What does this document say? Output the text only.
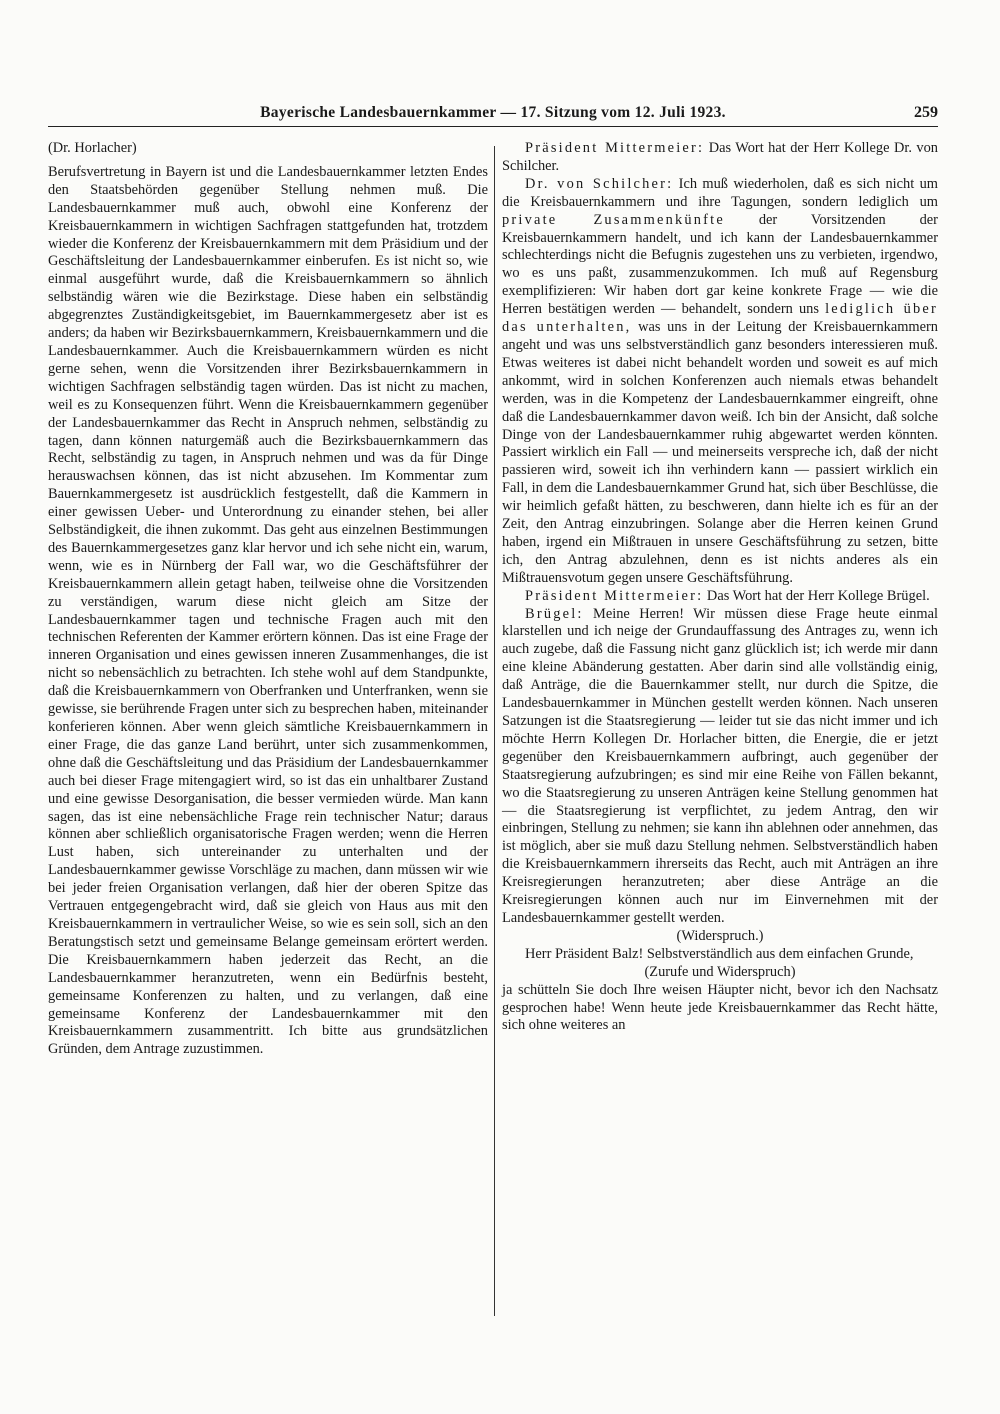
Bayerische Landesbauernkammer — 17. Sitzung vom 12. Juli 1923.	259

(Dr. Horlacher)

Berufsvertretung in Bayern ist und die Landesbauernkammer letzten Endes den Staatsbehörden gegenüber Stellung nehmen muß. Die Landesbauernkammer muß auch, obwohl eine Konferenz der Kreisbauernkammern in wichtigen Sachfragen stattgefunden hat, trotzdem wieder die Konferenz der Kreisbauernkammern mit dem Präsidium und der Geschäftsleitung der Landesbauernkammer einberufen. Es ist nicht so, wie einmal ausgeführt wurde, daß die Kreisbauernkammern so ähnlich selbständig wären wie die Bezirkstage. Diese haben ein selbständig abgegrenztes Zuständigkeitsgebiet, im Bauernkammergesetz aber ist es anders; da haben wir Bezirksbauernkammern, Kreisbauernkammern und die Landesbauernkammer. Auch die Kreisbauernkammern würden es nicht gerne sehen, wenn die Vorsitzenden ihrer Bezirksbauernkammern in wichtigen Sachfragen selbständig tagen würden. Das ist nicht zu machen, weil es zu Konsequenzen führt. Wenn die Kreisbauernkammern gegenüber der Landesbauernkammer das Recht in Anspruch nehmen, selbständig zu tagen, dann können naturgemäß auch die Bezirksbauernkammern das Recht, selbständig zu tagen, in Anspruch nehmen und was da für Dinge herauswachsen können, das ist nicht abzusehen. Im Kommentar zum Bauernkammergesetz ist ausdrücklich festgestellt, daß die Kammern in einer gewissen Ueber- und Unterordnung zu einander stehen, bei aller Selbständigkeit, die ihnen zukommt. Das geht aus einzelnen Bestimmungen des Bauernkammergesetzes ganz klar hervor und ich sehe nicht ein, warum, wenn, wie es in Nürnberg der Fall war, wo die Geschäftsführer der Kreisbauernkammern allein getagt haben, teilweise ohne die Vorsitzenden zu verständigen, warum diese nicht gleich am Sitze der Landesbauernkammer tagen und technische Fragen auch mit den technischen Referenten der Kammer erörtern können. Das ist eine Frage der inneren Organisation und eines gewissen inneren Zusammenhanges, die ist nicht so nebensächlich zu betrachten. Ich stehe wohl auf dem Standpunkte, daß die Kreisbauernkammern von Oberfranken und Unterfranken, wenn sie gewisse, sie berührende Fragen unter sich zu besprechen haben, miteinander konferieren können. Aber wenn gleich sämtliche Kreisbauernkammern in einer Frage, die das ganze Land berührt, unter sich zusammenkommen, ohne daß die Geschäftsleitung und das Präsidium der Landesbauernkammer auch bei dieser Frage mitengagiert wird, so ist das ein unhaltbarer Zustand und eine gewisse Desorganisation, die besser vermieden würde. Man kann sagen, das ist eine nebensächliche Frage rein technischer Natur; daraus können aber schließlich organisatorische Fragen werden; wenn die Herren Lust haben, sich untereinander zu unterhalten und der Landesbauernkammer gewisse Vorschläge zu machen, dann müssen wir wie bei jeder freien Organisation verlangen, daß hier der oberen Spitze das Vertrauen entgegengebracht wird, daß sie gleich von Haus aus mit den Kreisbauernkammern in vertraulicher Weise, so wie es sein soll, sich an den Beratungstisch setzt und gemeinsame Belange gemeinsam erörtert werden. Die Kreisbauernkammern haben jederzeit das Recht, an die Landesbauernkammer heranzutreten, wenn ein Bedürfnis besteht, gemeinsame Konferenzen zu halten, und zu verlangen, daß eine gemeinsame Konferenz der Landesbauernkammer mit den Kreisbauernkammern zusammentritt. Ich bitte aus grundsätzlichen Gründen, dem Antrage zuzustimmen.

Präsident Mittermeier: Das Wort hat der Herr Kollege Dr. von Schilcher.

Dr. von Schilcher: Ich muß wiederholen, daß es sich nicht um die Kreisbauernkammern und ihre Tagungen, sondern lediglich um private Zusammenkünfte der Vorsitzenden der Kreisbauernkammern handelt, und ich kann der Landesbauernkammer schlechterdings nicht die Befugnis zugestehen uns zu verbieten, irgendwo, wo es uns paßt, zusammenzukommen. Ich muß auf Regensburg exemplifizieren: Wir haben dort gar keine konkrete Frage — wie die Herren bestätigen werden — behandelt, sondern uns lediglich über das unterhalten, was uns in der Leitung der Kreisbauernkammern angeht und was uns selbstverständlich ganz besonders interessieren muß. Etwas weiteres ist dabei nicht behandelt worden und soweit es auf mich ankommt, wird in solchen Konferenzen auch niemals etwas behandelt werden, was in die Kompetenz der Landesbauernkammer eingreift, ohne daß die Landesbauernkammer davon weiß. Ich bin der Ansicht, daß solche Dinge von der Landesbauernkammer ruhig abgewartet werden könnten. Passiert wirklich ein Fall — und meinerseits verspreche ich, daß der nicht passieren wird, soweit ich ihn verhindern kann — passiert wirklich ein Fall, in dem die Landesbauernkammer Grund hat, sich über Beschlüsse, die wir heimlich gefaßt hätten, zu beschweren, dann hielte ich es für an der Zeit, den Antrag einzubringen. Solange aber die Herren keinen Grund haben, irgend ein Mißtrauen in unsere Geschäftsführung zu setzen, bitte ich, den Antrag abzulehnen, denn es ist nichts anderes als ein Mißtrauensvotum gegen unsere Geschäftsführung.

Präsident Mittermeier: Das Wort hat der Herr Kollege Brügel.

Brügel: Meine Herren! Wir müssen diese Frage heute einmal klarstellen und ich neige der Grundauffassung des Antrages zu, wenn ich auch zugebe, daß die Fassung nicht ganz glücklich ist; ich werde mir dann eine kleine Abänderung gestatten. Aber darin sind alle vollständig einig, daß Anträge, die die Bauernkammer stellt, nur durch die Spitze, die Landesbauernkammer in München gestellt werden können. Nach unseren Satzungen ist die Staatsregierung — leider tut sie das nicht immer und ich möchte Herrn Kollegen Dr. Horlacher bitten, die Energie, die er jetzt gegenüber den Kreisbauernkammern aufbringt, auch gegenüber der Staatsregierung aufzubringen; es sind mir eine Reihe von Fällen bekannt, wo die Staatsregierung zu unseren Anträgen keine Stellung genommen hat — die Staatsregierung ist verpflichtet, zu jedem Antrag, den wir einbringen, Stellung zu nehmen; sie kann ihn ablehnen oder annehmen, das ist möglich, aber sie muß dazu Stellung nehmen. Selbstverständlich haben die Kreisbauernkammern ihrerseits das Recht, auch mit Anträgen an ihre Kreisregierungen heranzutreten; aber diese Anträge an die Kreisregierungen können auch nur im Einvernehmen mit der Landesbauernkammer gestellt werden.

(Widerspruch.)

Herr Präsident Balz! Selbstverständlich aus dem einfachen Grunde,

(Zurufe und Widerspruch)

ja schütteln Sie doch Ihre weisen Häupter nicht, bevor ich den Nachsatz gesprochen habe! Wenn heute jede Kreisbauernkammer das Recht hätte, sich ohne weiteres an
